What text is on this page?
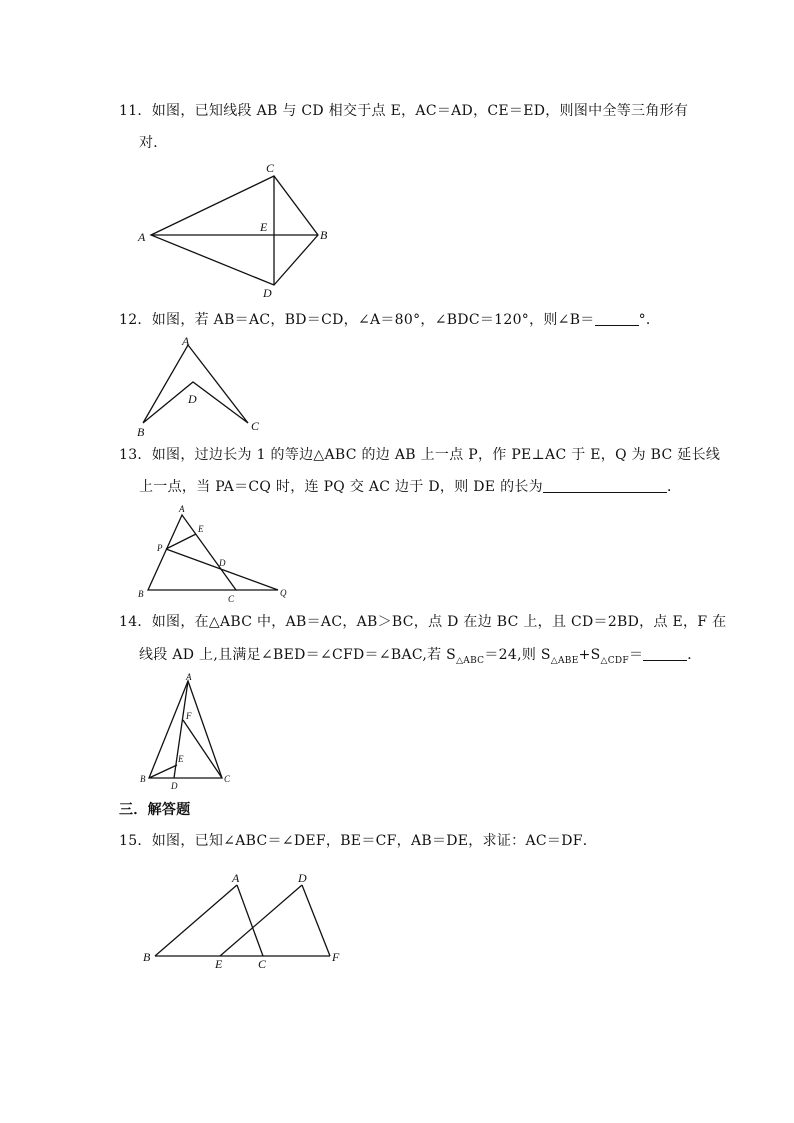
11．如图，已知线段 AB 与 CD 相交于点 E，AC＝AD，CE＝ED，则图中全等三角形有
对．
C
A
E
B
D
12．如图，若 AB＝AC，BD＝CD，∠A＝80°，∠BDC＝120°，则∠B＝	°．
A
D
B	C
13．如图，过边长为 1 的等边△ABC 的边 AB 上一点 P，作 PE⊥AC 于 E，Q 为 BC 延长线
上一点，当 PA＝CQ 时，连 PQ 交 AC 边于 D，则 DE 的长为	．
A
E
P
D
B	C
Q
14．如图，在△ABC 中，AB＝AC，AB＞BC，点 D 在边 BC 上，且 CD＝2BD，点 E，F 在
线段 AD 上,且满足∠BED＝∠CFD＝∠BAC,若 $S_{\triangle ABC}=24$,则 $S_{\triangle ABE}+S_{\triangle CDF}=$	．
A
F
E
B
D
C
三．解答题
15．如图，已知∠ABC＝∠DEF，BE＝CF，AB＝DE，求证：AC＝DF．
A	D
B	E	C	F
